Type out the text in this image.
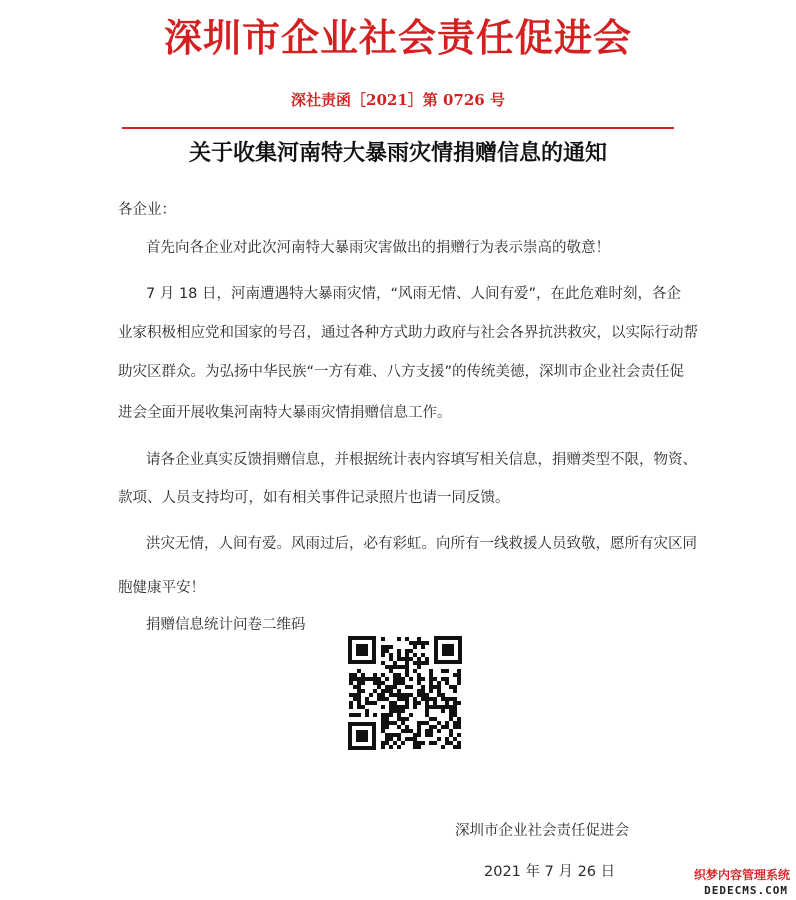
深圳市企业社会责任促进会
深社责函［2021］第 0726 号
关于收集河南特大暴雨灾情捐赠信息的通知
各企业：
首先向各企业对此次河南特大暴雨灾害做出的捐赠行为表示崇高的敬意！
7 月 18 日，河南遭遇特大暴雨灾情，“风雨无情、人间有爱”，在此危难时刻，各企
业家积极相应党和国家的号召，通过各种方式助力政府与社会各界抗洪救灾，以实际行动帮
助灾区群众。为弘扬中华民族“一方有难、八方支援”的传统美德，深圳市企业社会责任促
进会全面开展收集河南特大暴雨灾情捐赠信息工作。
请各企业真实反馈捐赠信息，并根据统计表内容填写相关信息，捐赠类型不限，物资、
款项、人员支持均可，如有相关事件记录照片也请一同反馈。
洪灾无情，人间有爱。风雨过后，必有彩虹。向所有一线救援人员致敬，愿所有灾区同
胞健康平安！
捐赠信息统计问卷二维码
深圳市企业社会责任促进会
2021 年 7 月 26 日	织梦内容管理系统
DEDECMS.COM
